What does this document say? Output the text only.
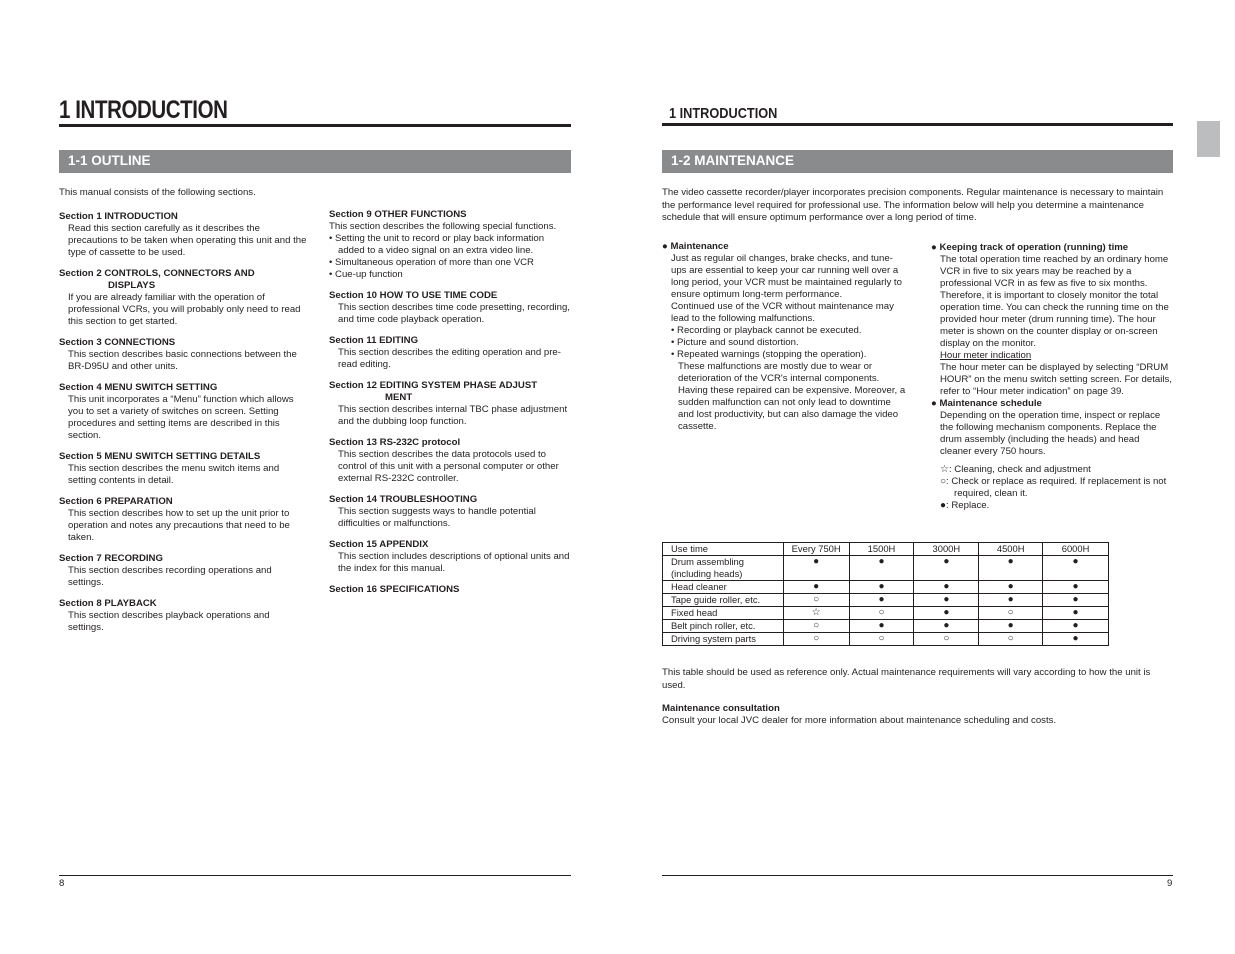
1 INTRODUCTION
1-1 OUTLINE
This manual consists of the following sections.
Section 1 INTRODUCTION
Read this section carefully as it describes the precautions to be taken when operating this unit and the type of cassette to be used.
Section 2 CONTROLS, CONNECTORS AND
DISPLAYS
If you are already familiar with the operation of professional VCRs, you will probably only need to read this section to get started.
Section 3 CONNECTIONS
This section describes basic connections between the BR-D95U and other units.
Section 4 MENU SWITCH SETTING
This unit incorporates a “Menu” function which allows you to set a variety of switches on screen. Setting procedures and setting items are described in this section.
Section 5 MENU SWITCH SETTING DETAILS
This section describes the menu switch items and setting contents in detail.
Section 6 PREPARATION
This section describes how to set up the unit prior to operation and notes any precautions that need to be taken.
Section 7 RECORDING
This section describes recording operations and settings.
Section 8 PLAYBACK
This section describes playback operations and settings.
Section 9 OTHER FUNCTIONS
This section describes the following special functions.
• Setting the unit to record or play back information added to a video signal on an extra video line.
• Simultaneous operation of more than one VCR
• Cue-up function
Section 10 HOW TO USE TIME CODE
This section describes time code presetting, recording, and time code playback operation.
Section 11 EDITING
This section describes the editing operation and pre-read editing.
Section 12 EDITING SYSTEM PHASE ADJUST
MENT
This section describes internal TBC phase adjustment and the dubbing loop function.
Section 13 RS-232C protocol
This section describes the data protocols used to control of this unit with a personal computer or other external RS-232C controller.
Section 14 TROUBLESHOOTING
This section suggests ways to handle potential difficulties or malfunctions.
Section 15 APPENDIX
This section includes descriptions of optional units and the index for this manual.
Section 16 SPECIFICATIONS
8
1 INTRODUCTION
1-2 MAINTENANCE
The video cassette recorder/player incorporates precision components. Regular maintenance is necessary to maintain the performance level required for professional use. The information below will help you determine a maintenance schedule that will ensure optimum performance over a long period of time.
● Maintenance
Just as regular oil changes, brake checks, and tune-ups are essential to keep your car running well over a long period, your VCR must be maintained regularly to ensure optimum long-term performance.
Continued use of the VCR without maintenance may lead to the following malfunctions.
• Recording or playback cannot be executed.
• Picture and sound distortion.
• Repeated warnings (stopping the operation).
These malfunctions are mostly due to wear or deterioration of the VCR's internal components. Having these repaired can be expensive. Moreover, a sudden malfunction can not only lead to downtime and lost productivity, but can also damage the video cassette.
● Keeping track of operation (running) time
The total operation time reached by an ordinary home VCR in five to six years may be reached by a professional VCR in as few as five to six months. Therefore, it is important to closely monitor the total operation time. You can check the running time on the provided hour meter (drum running time). The hour meter is shown on the counter display or on-screen display on the monitor.
Hour meter indication
The hour meter can be displayed by selecting “DRUM HOUR” on the menu switch setting screen. For details, refer to “Hour meter indication” on page 39.
● Maintenance schedule
Depending on the operation time, inspect or replace the following mechanism components. Replace the drum assembly (including the heads) and head cleaner every 750 hours.
☆: Cleaning, check and adjustment
○: Check or replace as required. If replacement is not required, clean it.
●: Replace.
Use time	Every 750H	1500H	3000H	4500H	6000H
Drum assembling (including heads)	●	●	●	●	●
Head cleaner	●	●	●	●	●
Tape guide roller, etc.	○	●	●	●	●
Fixed head	☆	○	●	○	●
Belt pinch roller, etc.	○	●	●	●	●
Driving system parts	○	○	○	○	●
This table should be used as reference only. Actual maintenance requirements will vary according to how the unit is used.
Maintenance consultation
Consult your local JVC dealer for more information about maintenance scheduling and costs.
9
